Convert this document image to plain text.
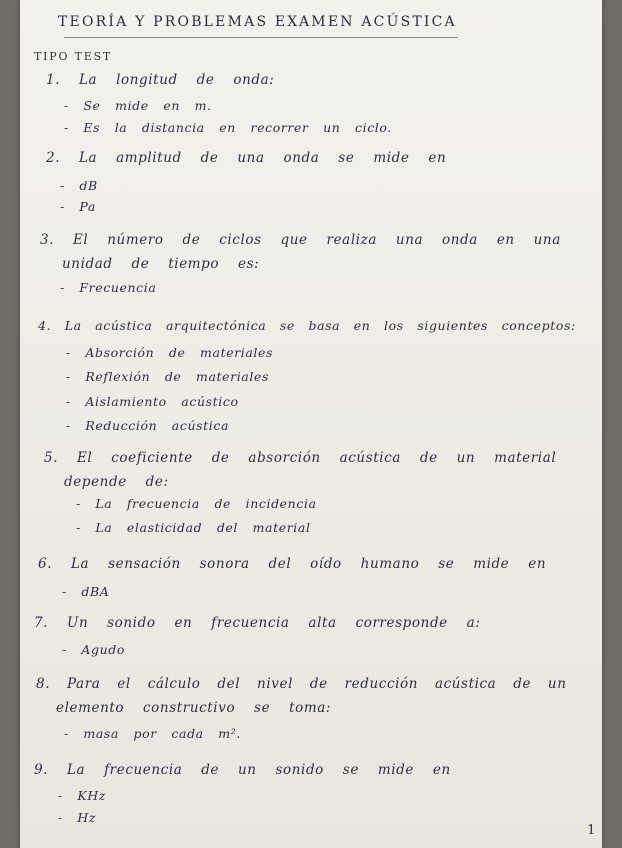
TEORÍA Y PROBLEMAS EXAMEN ACÚSTICA
TIPO TEST
1. La longitud de onda:
- Se mide en m.
- Es la distancia en recorrer un ciclo.
2. La amplitud de una onda se mide en
- dB
- Pa
3. El número de ciclos que realiza una onda en una
unidad de tiempo es:
- Frecuencia
4. La acústica arquitectónica se basa en los siguientes conceptos:
- Absorción de materiales
- Reflexión de materiales
- Aislamiento acústico
- Reducción acústica
5. El coeficiente de absorción acústica de un material
depende de:
- La frecuencia de incidencia
- La elasticidad del material
6. La sensación sonora del oído humano se mide en
- dBA
7. Un sonido en frecuencia alta corresponde a:
- Agudo
8. Para el cálculo del nivel de reducción acústica de un
elemento constructivo se toma:
- masa por cada m².
9. La frecuencia de un sonido se mide en
- KHz
- Hz
1
